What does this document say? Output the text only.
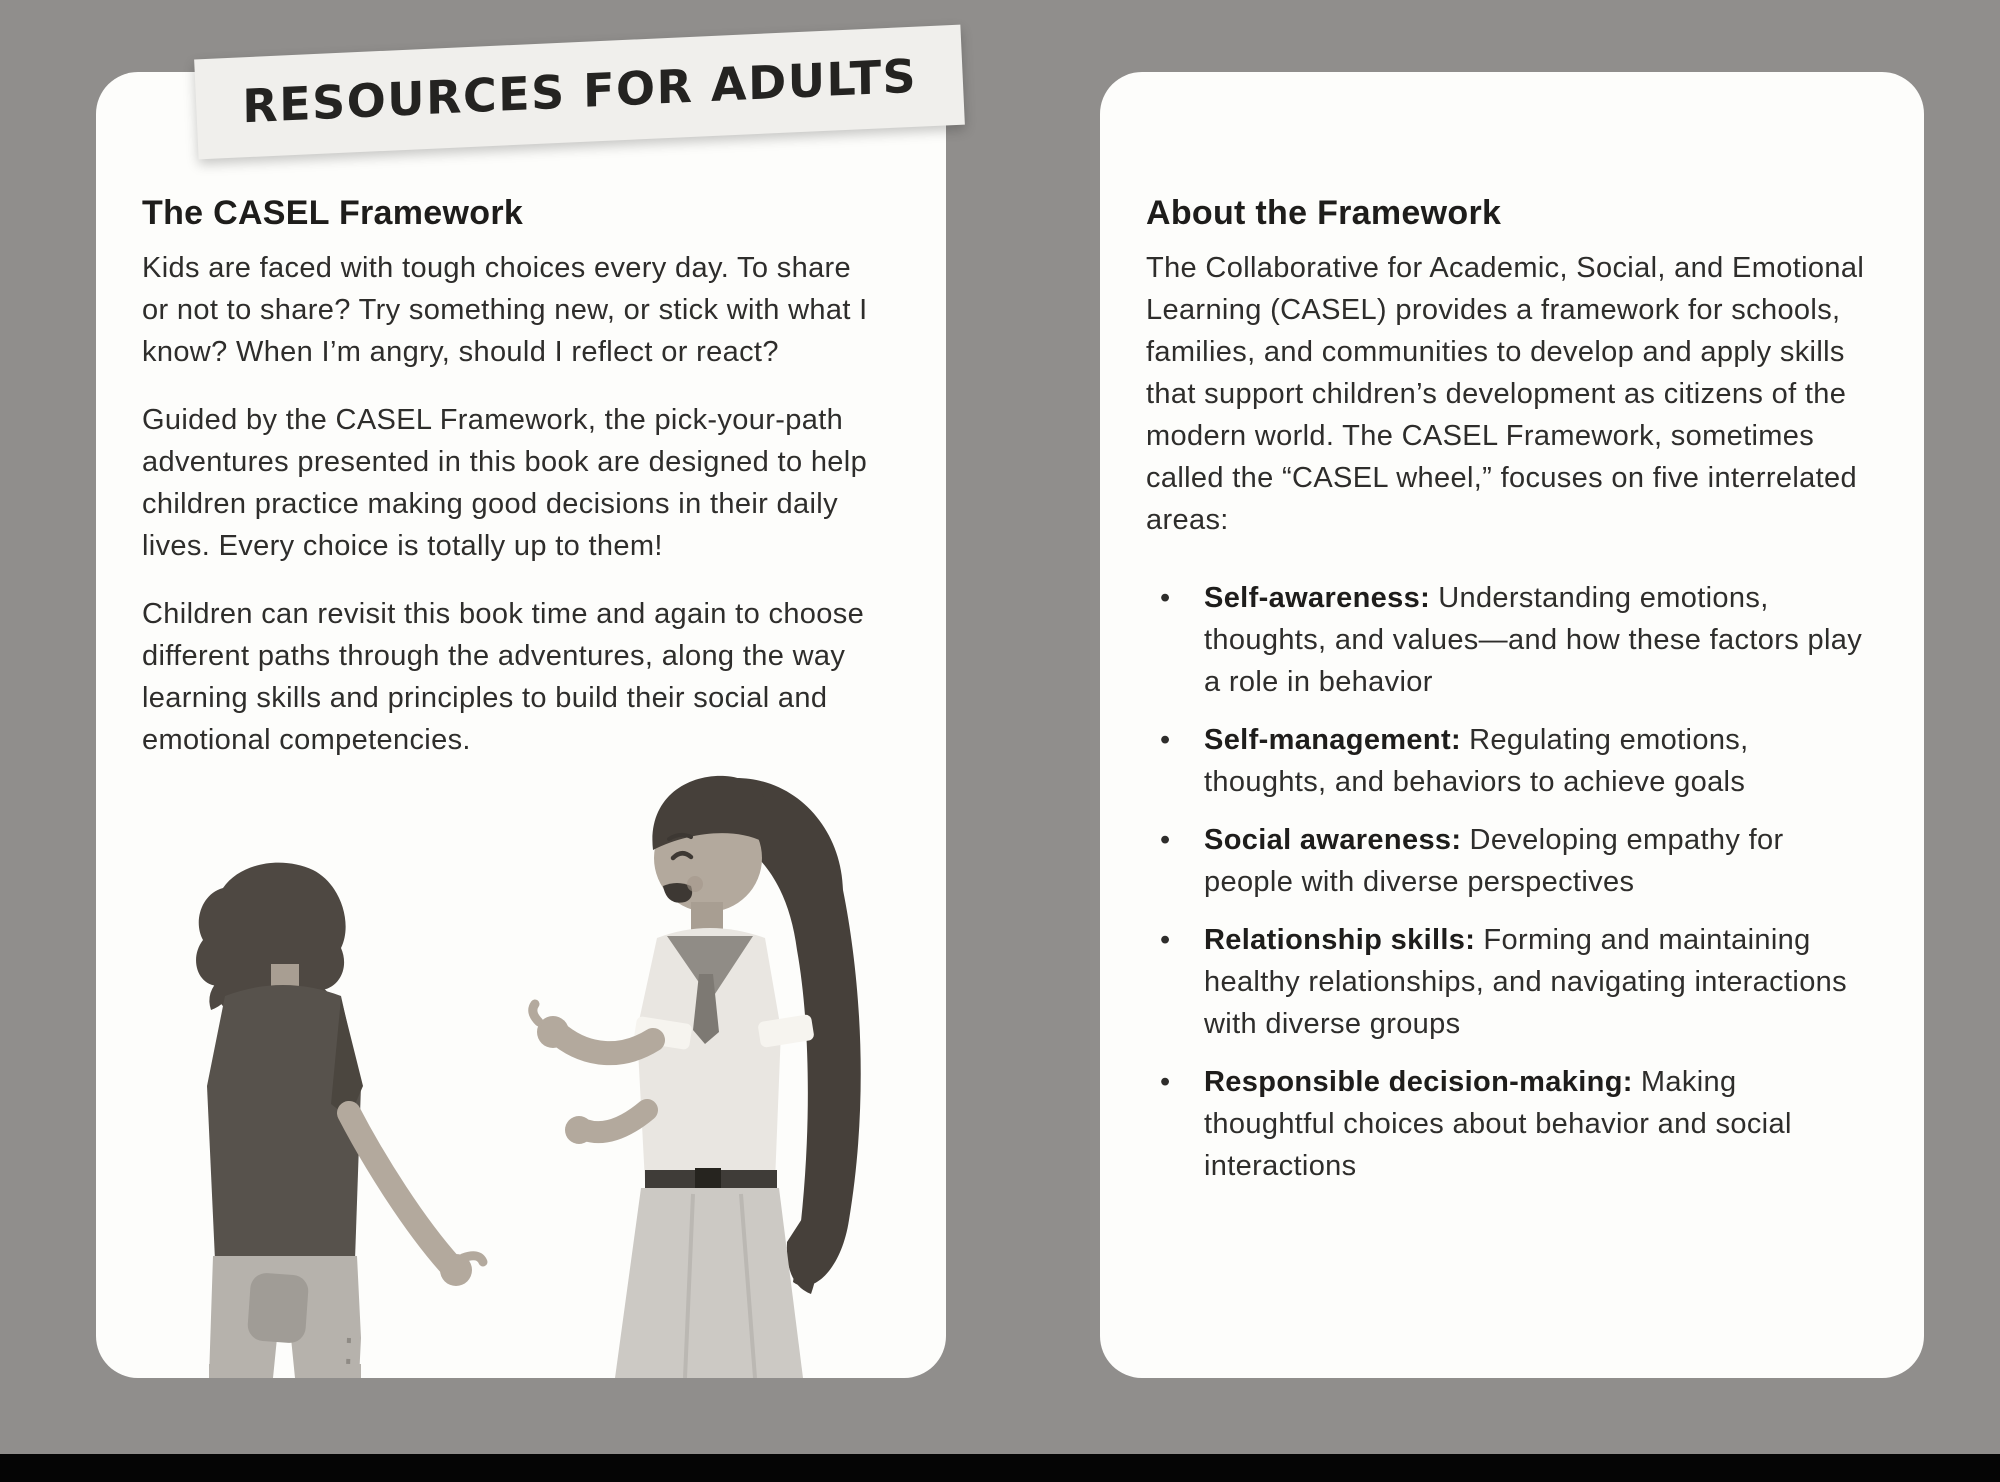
RESOURCES FOR ADULTS
The CASEL Framework

Kids are faced with tough choices every day. To share or not to share? Try something new, or stick with what I know? When I’m angry, should I reflect or react?

Guided by the CASEL Framework, the pick-your-path adventures presented in this book are designed to help children practice making good decisions in their daily lives. Every choice is totally up to them!

Children can revisit this book time and again to choose different paths through the adventures, along the way learning skills and principles to build their social and emotional competencies.

About the Framework

The Collaborative for Academic, Social, and Emotional Learning (CASEL) provides a framework for schools, families, and communities to develop and apply skills that support children’s development as citizens of the modern world. The CASEL Framework, sometimes called the “CASEL wheel,” focuses on five interrelated areas:

•	Self-awareness: Understanding emotions, thoughts, and values—and how these factors play a role in behavior
•	Self-management: Regulating emotions, thoughts, and behaviors to achieve goals
•	Social awareness: Developing empathy for people with diverse perspectives
•	Relationship skills: Forming and maintaining healthy relationships, and navigating interactions with diverse groups
•	Responsible decision-making: Making thoughtful choices about behavior and social interactions
